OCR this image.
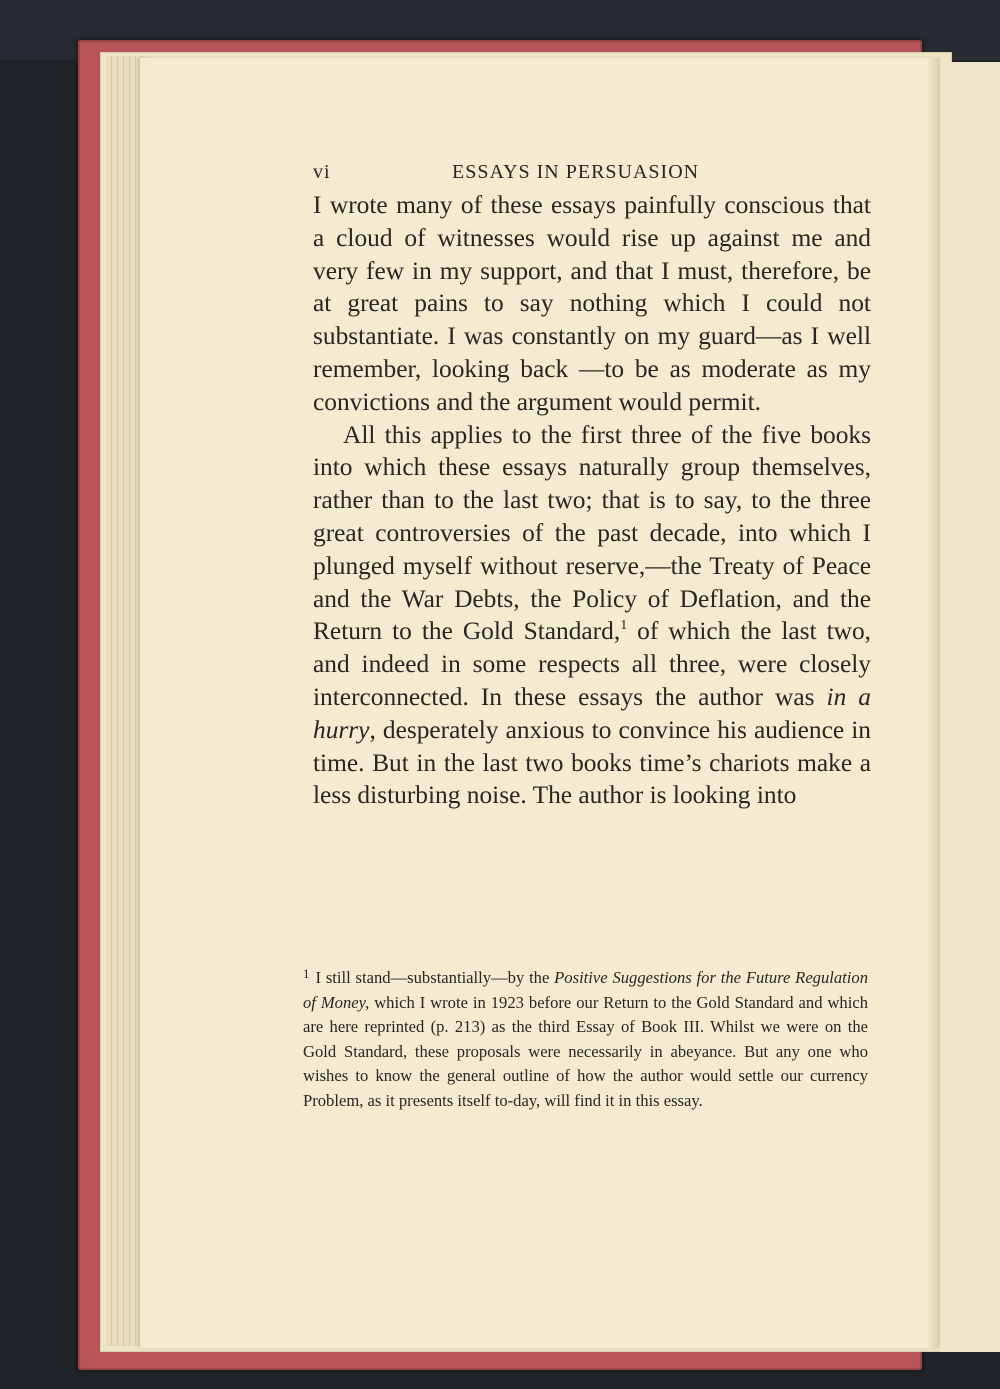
vi	ESSAYS IN PERSUASION

I wrote many of these essays painfully conscious that a cloud of witnesses would rise up against me and very few in my support, and that I must, therefore, be at great pains to say nothing which I could not substantiate. I was constantly on my guard—as I well remember, looking back —to be as moderate as my convictions and the argument would permit.

All this applies to the first three of the five books into which these essays naturally group themselves, rather than to the last two; that is to say, to the three great controversies of the past decade, into which I plunged myself without reserve,—the Treaty of Peace and the War Debts, the Policy of Deflation, and the Return to the Gold Standard,$^1$ of which the last two, and indeed in some respects all three, were closely interconnected. In these essays the author was in a hurry, desperately anxious to convince his audience in time. But in the last two books time’s chariots make a less disturbing noise. The author is looking into

$^1$ I still stand—substantially—by the Positive Suggestions for the Future Regulation of Money, which I wrote in 1923 before our Return to the Gold Standard and which are here reprinted (p. 213) as the third Essay of Book III. Whilst we were on the Gold Standard, these proposals were necessarily in abeyance. But any one who wishes to know the general outline of how the author would settle our currency Problem, as it presents itself to-day, will find it in this essay.
